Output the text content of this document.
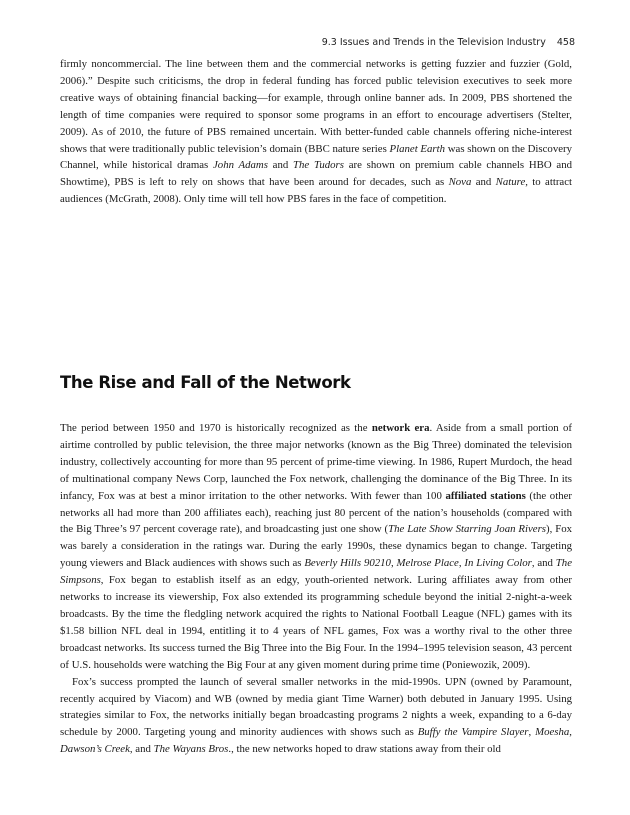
9.3 Issues and Trends in the Television Industry 458

firmly noncommercial. The line between them and the commercial networks is getting fuzzier and fuzzier (Gold, 2006).” Despite such criticisms, the drop in federal funding has forced public television executives to seek more creative ways of obtaining financial backing—for example, through online banner ads. In 2009, PBS shortened the length of time companies were required to sponsor some programs in an effort to encourage advertisers (Stelter, 2009). As of 2010, the future of PBS remained uncertain. With better-funded cable channels offering niche-interest shows that were traditionally public television’s domain (BBC nature series Planet Earth was shown on the Discovery Channel, while historical dramas John Adams and The Tudors are shown on premium cable channels HBO and Showtime), PBS is left to rely on shows that have been around for decades, such as Nova and Nature, to attract audiences (McGrath, 2008). Only time will tell how PBS fares in the face of competition.

The Rise and Fall of the Network

The period between 1950 and 1970 is historically recognized as the network era. Aside from a small portion of airtime controlled by public television, the three major networks (known as the Big Three) dominated the television industry, collectively accounting for more than 95 percent of prime-time viewing. In 1986, Rupert Murdoch, the head of multinational company News Corp, launched the Fox network, challenging the dominance of the Big Three. In its infancy, Fox was at best a minor irritation to the other networks. With fewer than 100 affiliated stations (the other networks all had more than 200 affiliates each), reaching just 80 percent of the nation’s households (compared with the Big Three’s 97 percent coverage rate), and broadcasting just one show (The Late Show Starring Joan Rivers), Fox was barely a consideration in the ratings war. During the early 1990s, these dynamics began to change. Targeting young viewers and Black audiences with shows such as Beverly Hills 90210, Melrose Place, In Living Color, and The Simpsons, Fox began to establish itself as an edgy, youth-oriented network. Luring affiliates away from other networks to increase its viewership, Fox also extended its programming schedule beyond the initial 2-night-a-week broadcasts. By the time the fledgling network acquired the rights to National Football League (NFL) games with its $1.58 billion NFL deal in 1994, entitling it to 4 years of NFL games, Fox was a worthy rival to the other three broadcast networks. Its success turned the Big Three into the Big Four. In the 1994–1995 television season, 43 percent of U.S. households were watching the Big Four at any given moment during prime time (Poniewozik, 2009).

Fox’s success prompted the launch of several smaller networks in the mid-1990s. UPN (owned by Paramount, recently acquired by Viacom) and WB (owned by media giant Time Warner) both debuted in January 1995. Using strategies similar to Fox, the networks initially began broadcasting programs 2 nights a week, expanding to a 6-day schedule by 2000. Targeting young and minority audiences with shows such as Buffy the Vampire Slayer, Moesha, Dawson’s Creek, and The Wayans Bros., the new networks hoped to draw stations away from their old
